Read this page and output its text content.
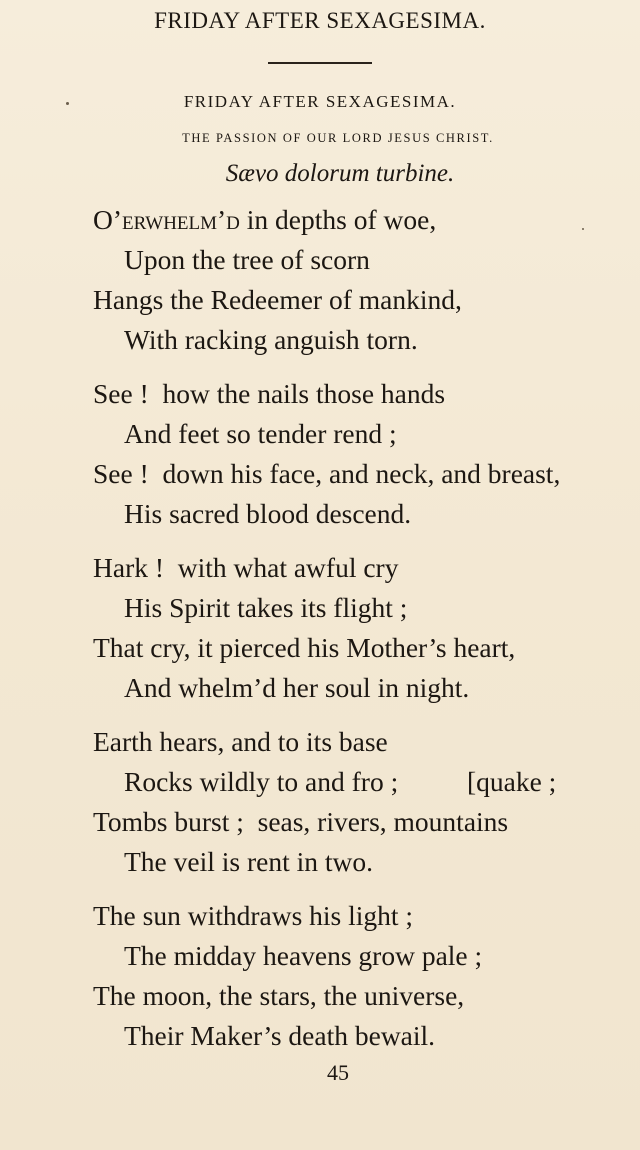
FRIDAY AFTER SEXAGESIMA.
FRIDAY AFTER SEXAGESIMA.
THE PASSION OF OUR LORD JESUS CHRIST.
Sævo dolorum turbine.
O’erwhelm’d in depths of woe,
Upon the tree of scorn
Hangs the Redeemer of mankind,
With racking anguish torn.
See !  how the nails those hands
And feet so tender rend ;
See !  down his face, and neck, and breast,
His sacred blood descend.
Hark !  with what awful cry
His Spirit takes its flight ;
That cry, it pierced his Mother’s heart,
And whelm’d her soul in night.
Earth hears, and to its base
Rocks wildly to and fro ;          [quake ;
Tombs burst ;  seas, rivers, mountains
The veil is rent in two.
The sun withdraws his light ;
The midday heavens grow pale ;
The moon, the stars, the universe,
Their Maker’s death bewail.
45
